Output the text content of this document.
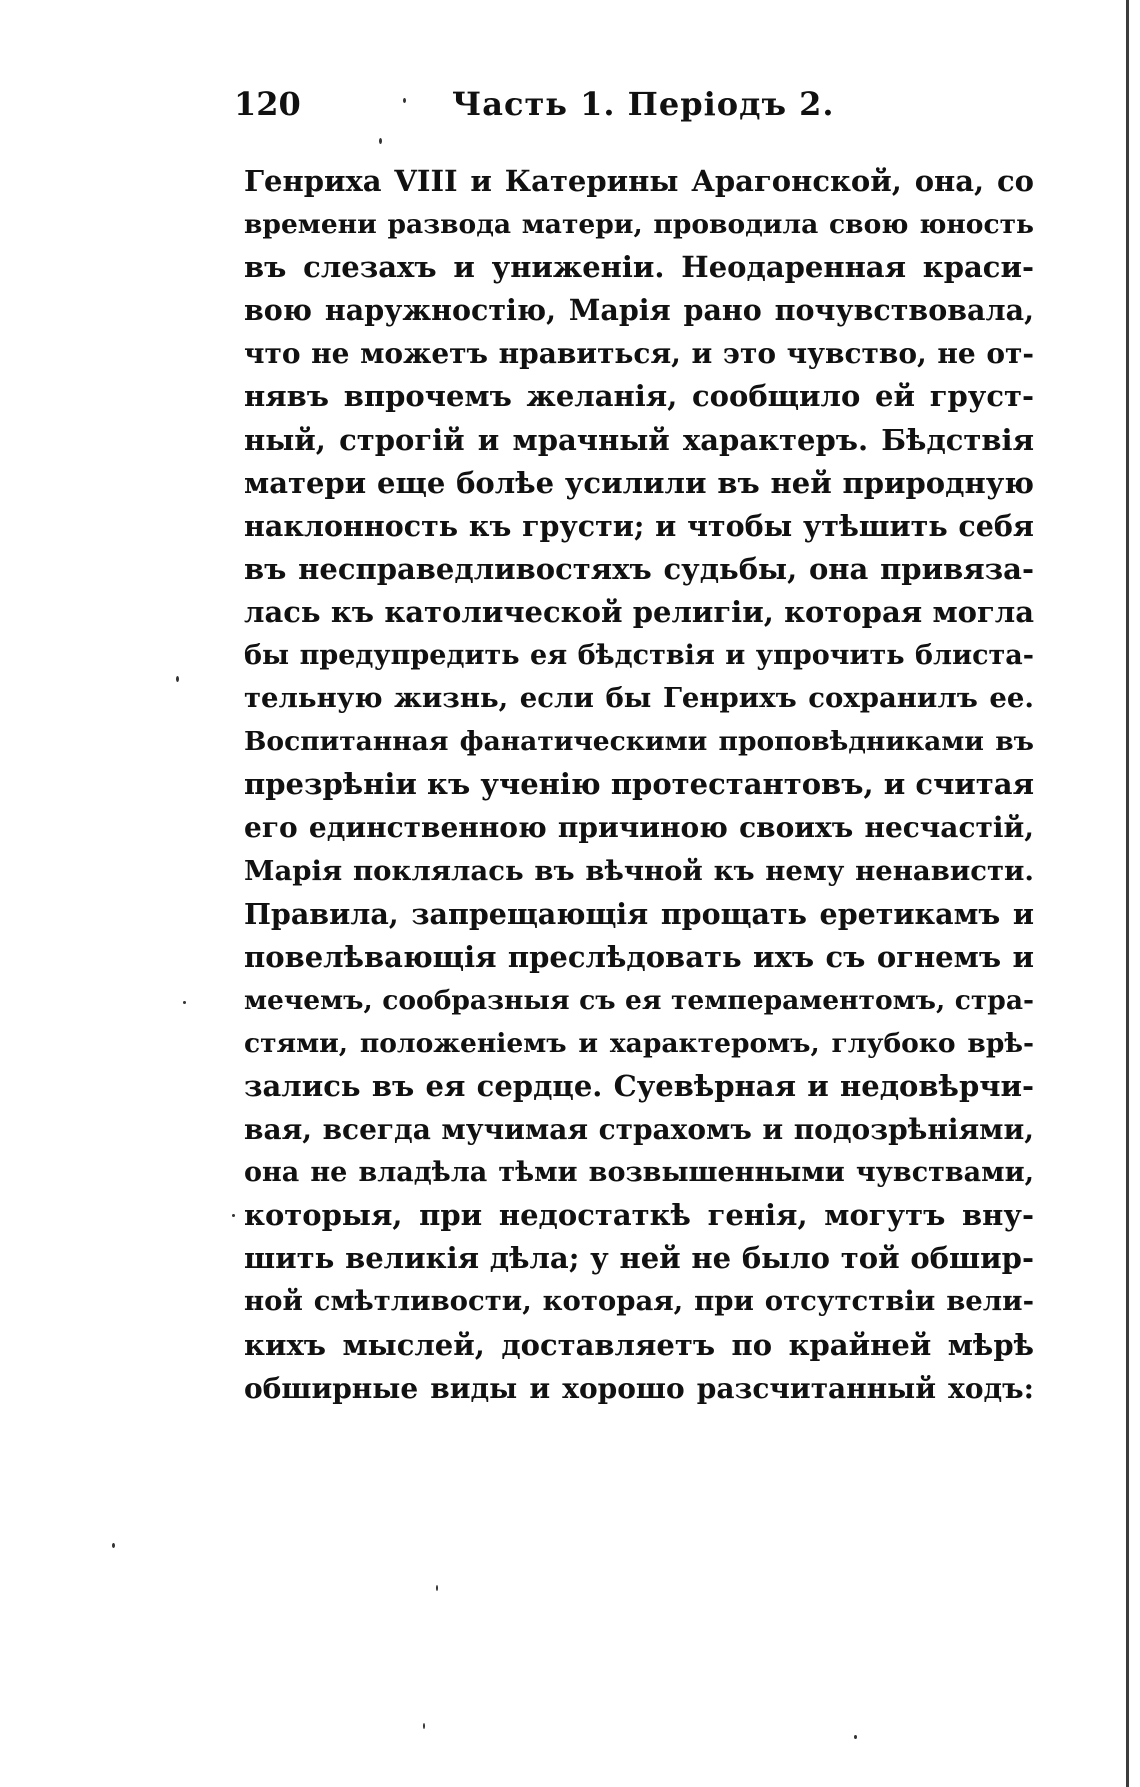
120	Часть 1. Перiодъ 2.
Генриха VIII и Катерины Арагонской, она, со
времени развода матери, проводила свою юность
въ слезахъ и униженiи. Неодаренная краси-
вою наружностiю, Марiя рано почувствовала,
что не можетъ нравиться, и это чувство, не от-
нявъ впрочемъ желанiя, сообщило ей груст-
ный, строгiй и мрачный характеръ. Бѣдствiя
матери еще болѣе усилили въ ней природную
наклонность къ грусти; и чтобы утѣшить себя
въ несправедливостяхъ судьбы, она привяза-
лась къ католической религiи, которая могла
бы предупредить ея бѣдствiя и упрочить блиста-
тельную жизнь, если бы Генрихъ сохранилъ ее.
Воспитанная фанатическими проповѣдниками въ
презрѣнiи къ ученiю протестантовъ, и считая
его единственною причиною своихъ несчастiй,
Марiя поклялась въ вѣчной къ нему ненависти.
Правила, запрещающiя прощать еретикамъ и
повелѣвающiя преслѣдовать ихъ съ огнемъ и
мечемъ, сообразныя съ ея темпераментомъ, стра-
стями, положенiемъ и характеромъ, глубоко врѣ-
зались въ ея сердце. Суевѣрная и недовѣрчи-
вая, всегда мучимая страхомъ и подозрѣнiями,
она не владѣла тѣми возвышенными чувствами,
которыя, при недостаткѣ генiя, могутъ вну-
шить великiя дѣла; у ней не было той обшир-
ной смѣтливости, которая, при отсутствiи вели-
кихъ мыслей, доставляетъ по крайней мѣрѣ
обширные виды и хорошо разсчитанный ходъ:
